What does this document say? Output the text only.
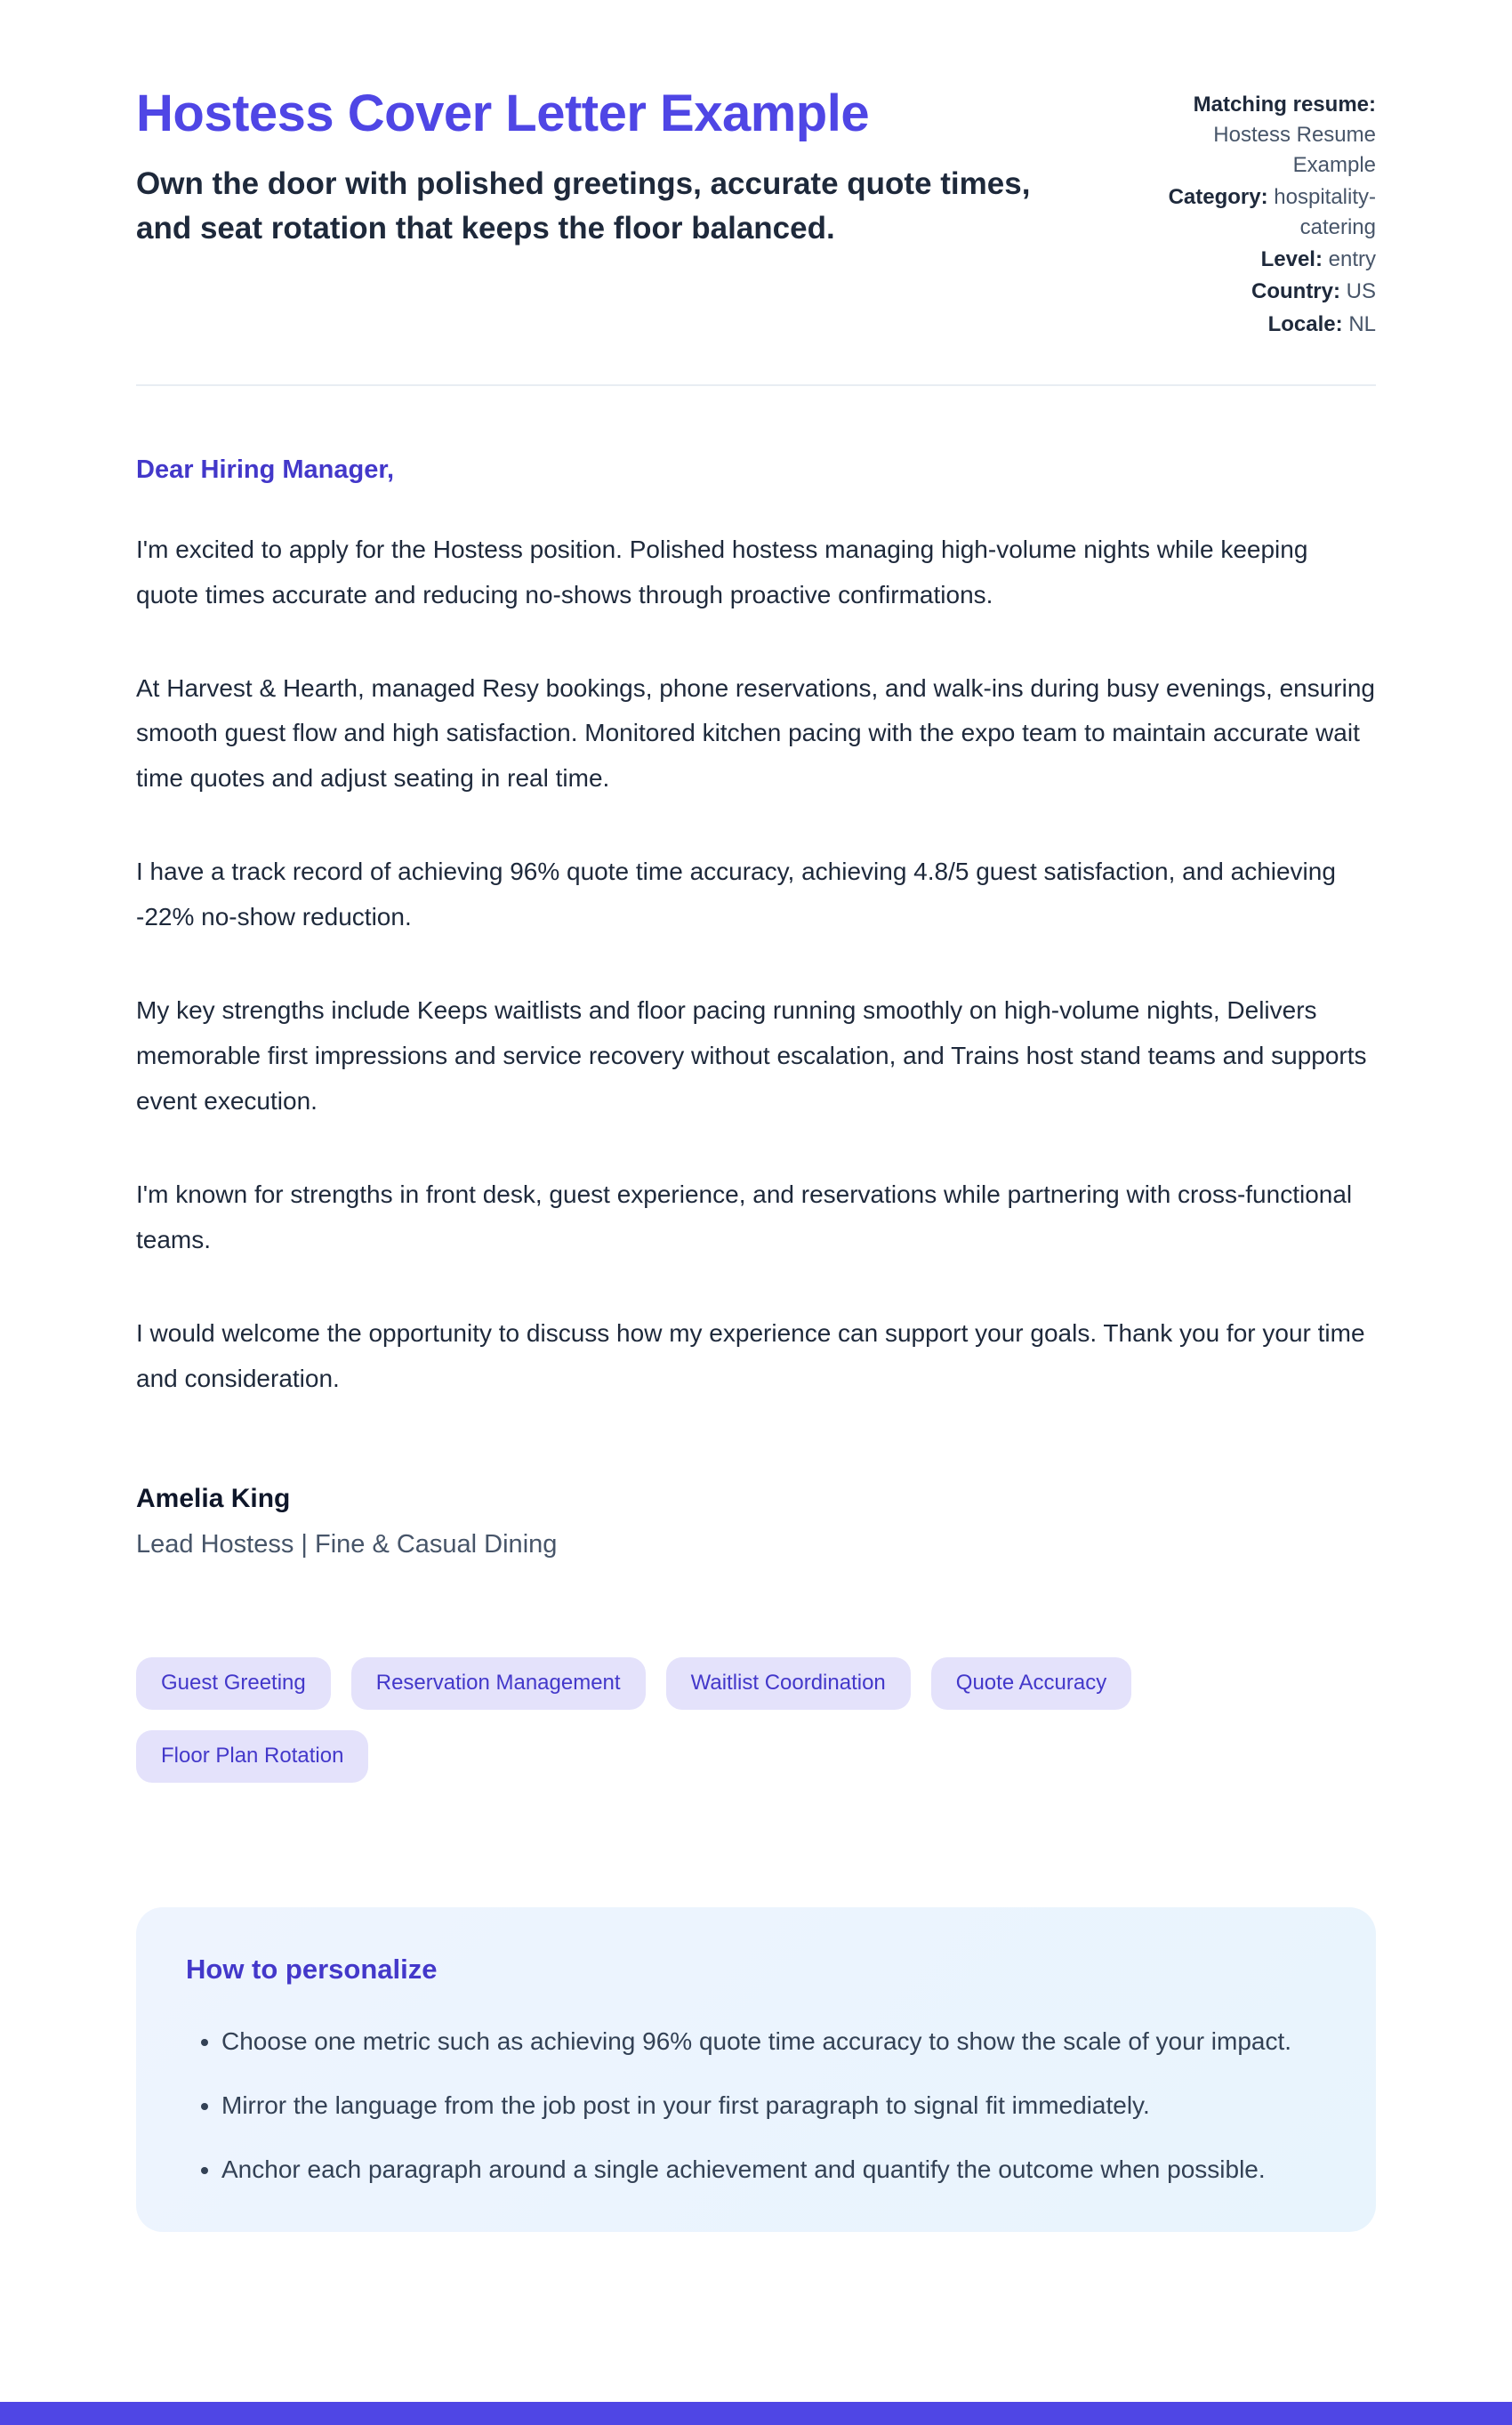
Hostess Cover Letter Example

Own the door with polished greetings, accurate quote times, and seat rotation that keeps the floor balanced.

Matching resume: Hostess Resume Example
Category: hospitality-catering
Level: entry
Country: US
Locale: NL

Dear Hiring Manager,

I'm excited to apply for the Hostess position. Polished hostess managing high-volume nights while keeping quote times accurate and reducing no-shows through proactive confirmations.

At Harvest & Hearth, managed Resy bookings, phone reservations, and walk-ins during busy evenings, ensuring smooth guest flow and high satisfaction. Monitored kitchen pacing with the expo team to maintain accurate wait time quotes and adjust seating in real time.

I have a track record of achieving 96% quote time accuracy, achieving 4.8/5 guest satisfaction, and achieving -22% no-show reduction.

My key strengths include Keeps waitlists and floor pacing running smoothly on high-volume nights, Delivers memorable first impressions and service recovery without escalation, and Trains host stand teams and supports event execution.

I'm known for strengths in front desk, guest experience, and reservations while partnering with cross-functional teams.

I would welcome the opportunity to discuss how my experience can support your goals. Thank you for your time and consideration.

Amelia King

Lead Hostess | Fine & Casual Dining

Guest Greeting	Reservation Management	Waitlist Coordination	Quote Accuracy
Floor Plan Rotation
How to personalize
• Choose one metric such as achieving 96% quote time accuracy to show the scale of your impact.
• Mirror the language from the job post in your first paragraph to signal fit immediately.
• Anchor each paragraph around a single achievement and quantify the outcome when possible.
